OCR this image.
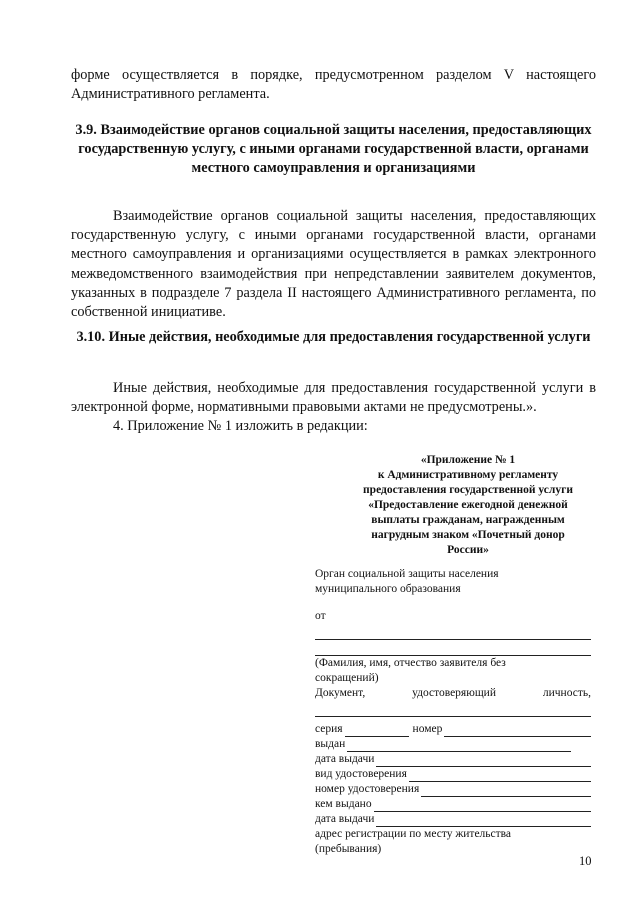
форме осуществляется в порядке, предусмотренном разделом V настоящего Административного регламента.

3.9. Взаимодействие органов социальной защиты населения, предоставляющих государственную услугу, с иными органами государственной власти, органами местного самоуправления и организациями

Взаимодействие органов социальной защиты населения, предоставляющих государственную услугу, с иными органами государственной власти, органами местного самоуправления и организациями осуществляется в рамках электронного межведомственного взаимодействия при непредставлении заявителем документов, указанных в подразделе 7 раздела II настоящего Административного регламента, по собственной инициативе.

3.10. Иные действия, необходимые для предоставления государственной услуги

Иные действия, необходимые для предоставления государственной услуги в электронной форме, нормативными правовыми актами не предусмотрены.».

4. Приложение № 1 изложить в редакции:

«Приложение № 1
к Административному регламенту
предоставления государственной услуги
«Предоставление ежегодной денежной
выплаты гражданам, награжденным
нагрудным знаком «Почетный донор
России»
Орган социальной защиты населения
муниципального образования
от
(Фамилия, имя, отчество заявителя без
сокращений)
Документ,	удостоверяющий	личность,
серия	номер
выдан
дата выдачи
вид удостоверения
номер удостоверения
кем выдано
дата выдачи
адрес регистрации по месту жительства
(пребывания)
10
